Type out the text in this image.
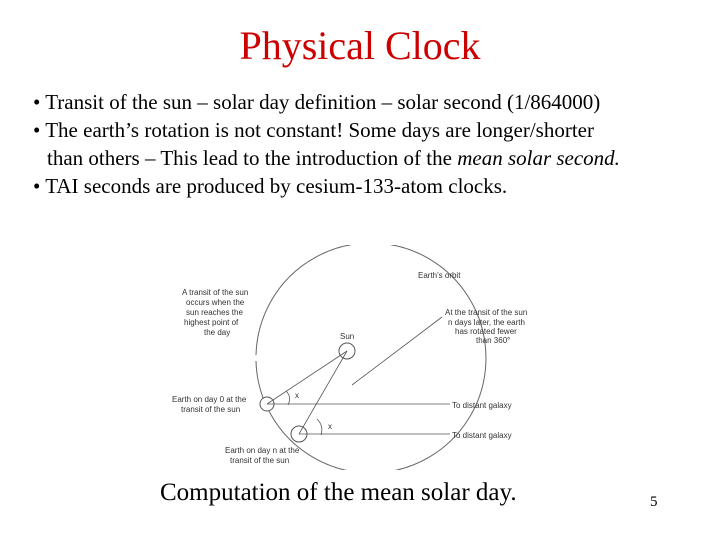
Physical Clock
• Transit of the sun – solar day definition – solar second (1/864000)
• The earth’s rotation is not constant! Some days are longer/shorter
than others – This lead to the introduction of the mean solar second.
• TAI seconds are produced by cesium-133-atom clocks.
Earth's orbit
Sun
x
x
A transit of the sun occurs when the sun reaches the highest point of the day
At the transit of the sun n days later, the earth has rotated fewer than 360°
Earth on day 0 at the transit of the sun
Earth on day n at the transit of the sun
To distant galaxy
To distant galaxy
Computation of the mean solar day.	5
